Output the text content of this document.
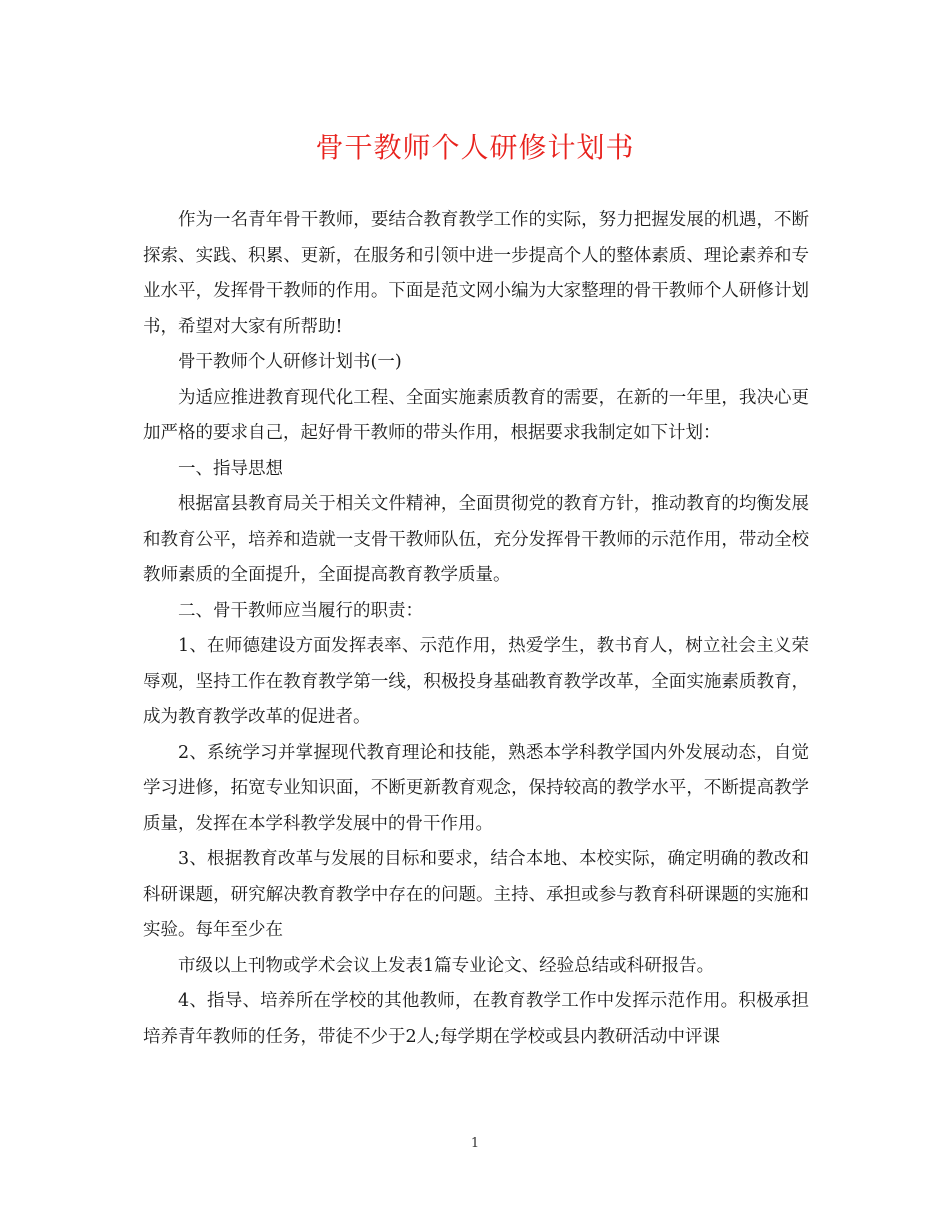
骨干教师个人研修计划书

作为一名青年骨干教师，要结合教育教学工作的实际，努力把握发展的机遇，不断探索、实践、积累、更新，在服务和引领中进一步提高个人的整体素质、理论素养和专业水平，发挥骨干教师的作用。下面是范文网小编为大家整理的骨干教师个人研修计划书，希望对大家有所帮助!

骨干教师个人研修计划书(一)

为适应推进教育现代化工程、全面实施素质教育的需要，在新的一年里，我决心更加严格的要求自己，起好骨干教师的带头作用，根据要求我制定如下计划：

一、指导思想

根据富县教育局关于相关文件精神，全面贯彻党的教育方针，推动教育的均衡发展和教育公平，培养和造就一支骨干教师队伍，充分发挥骨干教师的示范作用，带动全校教师素质的全面提升，全面提高教育教学质量。

二、骨干教师应当履行的职责：

1、在师德建设方面发挥表率、示范作用，热爱学生，教书育人，树立社会主义荣辱观，坚持工作在教育教学第一线，积极投身基础教育教学改革，全面实施素质教育，成为教育教学改革的促进者。

2、系统学习并掌握现代教育理论和技能，熟悉本学科教学国内外发展动态，自觉学习进修，拓宽专业知识面，不断更新教育观念，保持较高的教学水平，不断提高教学质量，发挥在本学科教学发展中的骨干作用。

3、根据教育改革与发展的目标和要求，结合本地、本校实际，确定明确的教改和科研课题，研究解决教育教学中存在的问题。主持、承担或参与教育科研课题的实施和实验。每年至少在

市级以上刊物或学术会议上发表1篇专业论文、经验总结或科研报告。

4、指导、培养所在学校的其他教师，在教育教学工作中发挥示范作用。积极承担培养青年教师的任务，带徒不少于2人;每学期在学校或县内教研活动中评课

1
